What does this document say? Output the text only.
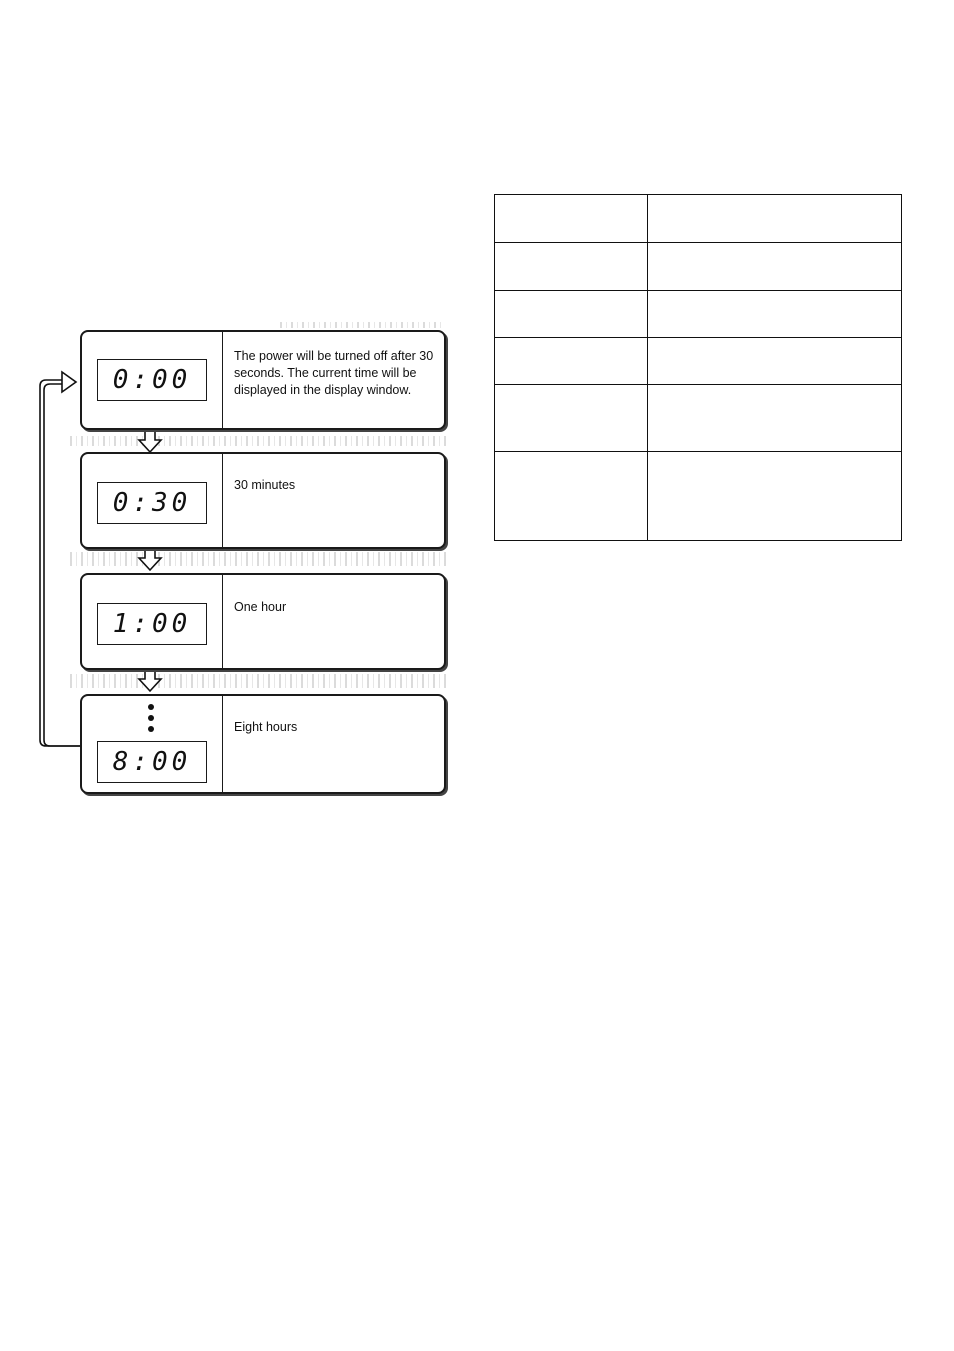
0:00
The power will be turned off after 30 seconds. The current time will be displayed in the display window.
0:30
30 minutes
1:00
One hour
8:00
Eight hours
